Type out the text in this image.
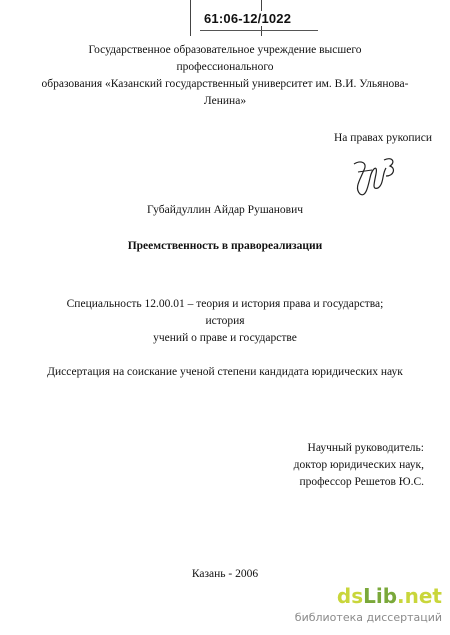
61:06-12/1022
Государственное образовательное учреждение высшего профессионального
образования «Казанский государственный университет им. В.И. Ульянова-
Ленина»
На правах рукописи
Губайдуллин Айдар Рушанович
Преемственность в правореализации
Специальность 12.00.01 – теория и история права и государства; история
учений о праве и государстве
Диссертация на соискание ученой степени кандидата юридических наук
Научный руководитель:
доктор юридических наук,
профессор Решетов Ю.С.
Казань - 2006
dsLib.net
библиотека диссертаций
